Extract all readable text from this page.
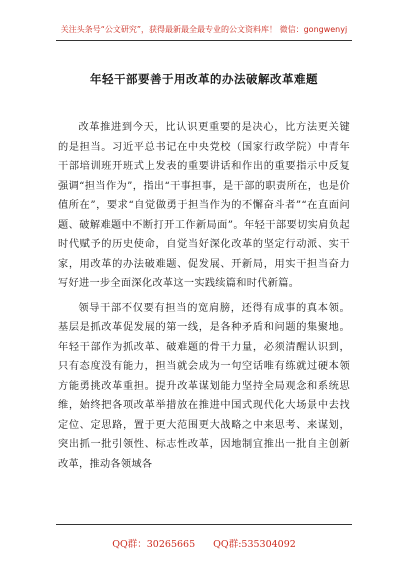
关注头条号“公文研究”，获得最新最全最专业的公文资料库！ 微信：gongwenyj
年轻干部要善于用改革的办法破解改革难题

改革推进到今天，比认识更重要的是决心，比方法更关键的是担当。习近平总书记在中央党校（国家行政学院）中青年干部培训班开班式上发表的重要讲话和作出的重要指示中反复强调“担当作为”，指出“干事担事，是干部的职责所在，也是价值所在”，要求“自觉做勇于担当作为的不懈奋斗者”“在直面问题、破解难题中不断打开工作新局面”。年轻干部要切实肩负起时代赋予的历史使命，自觉当好深化改革的坚定行动派、实干家，用改革的办法破难题、促发展、开新局，用实干担当奋力写好进一步全面深化改革这一实践续篇和时代新篇。

领导干部不仅要有担当的宽肩膀，还得有成事的真本领。基层是抓改革促发展的第一线，是各种矛盾和问题的集聚地。年轻干部作为抓改革、破难题的骨干力量，必须清醒认识到，只有态度没有能力，担当就会成为一句空话唯有练就过硬本领方能勇挑改革重担。提升改革谋划能力坚持全局观念和系统思维，始终把各项改革举措放在推进中国式现代化大场景中去找定位、定思路，置于更大范围更大战略之中来思考、来谋划，突出抓一批引领性、标志性改革，因地制宜推出一批自主创新改革，推动各领域各

QQ群：30265665 QQ群:535304092
